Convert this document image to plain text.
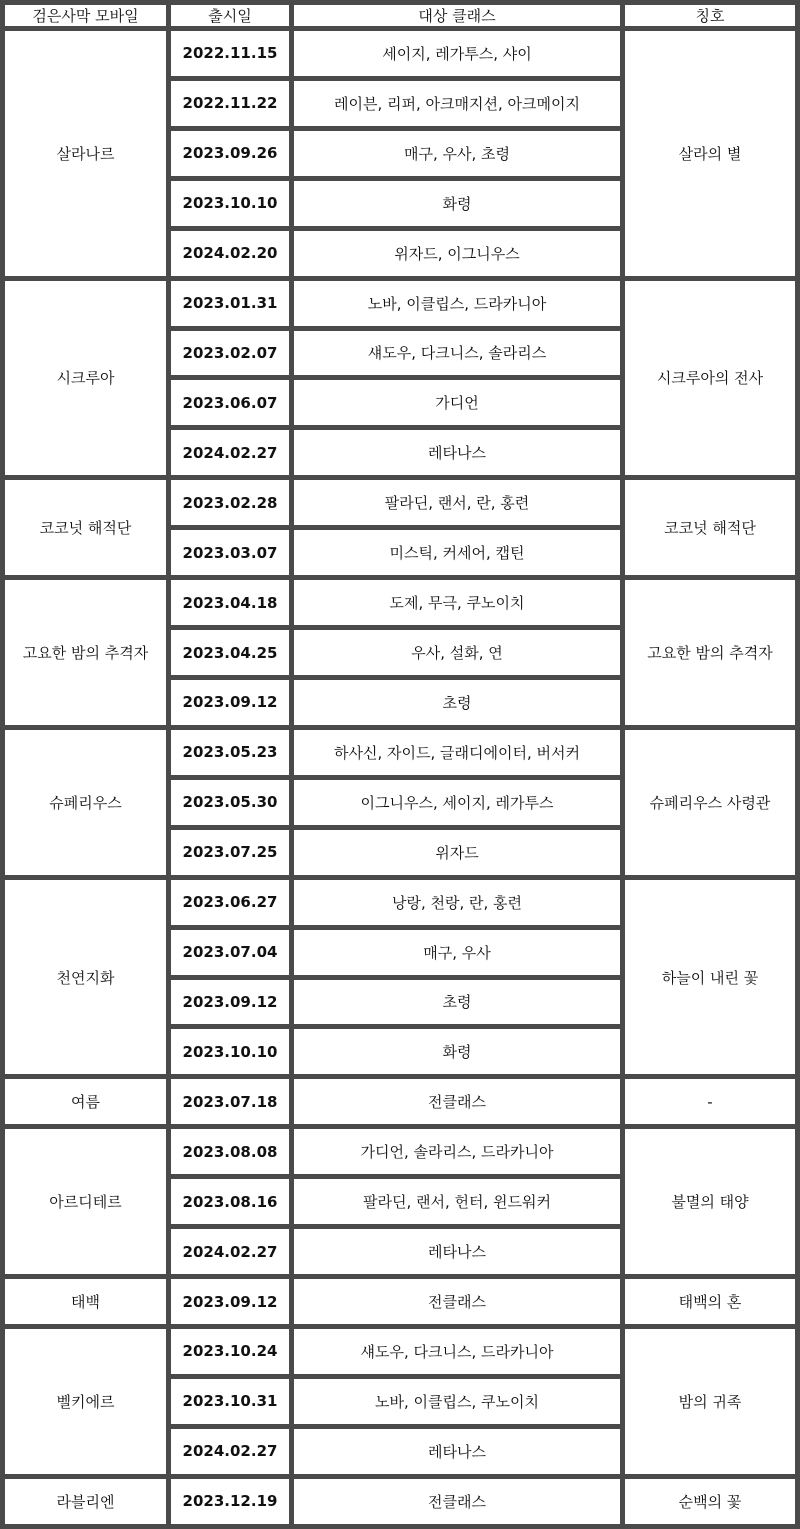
검은사막 모바일	출시일	대상 클래스	칭호
살라나르	2022.11.15	세이지, 레가투스, 샤이	살라의 별
	2022.11.22	레이븐, 리퍼, 아크매지션, 아크메이지	
	2023.09.26	매구, 우사, 초령	
	2023.10.10	화령	
	2024.02.20	위자드, 이그니우스	
시크루아	2023.01.31	노바, 이클립스, 드라카니아	시크루아의 전사
	2023.02.07	섀도우, 다크니스, 솔라리스	
	2023.06.07	가디언	
	2024.02.27	레타나스	
코코넛 해적단	2023.02.28	팔라딘, 랜서, 란, 홍련	코코넛 해적단
	2023.03.07	미스틱, 커세어, 캡틴	
고요한 밤의 추격자	2023.04.18	도제, 무극, 쿠노이치	고요한 밤의 추격자
	2023.04.25	우사, 설화, 연	
	2023.09.12	초령	
슈페리우스	2023.05.23	하사신, 자이드, 글래디에이터, 버서커	슈페리우스 사령관
	2023.05.30	이그니우스, 세이지, 레가투스	
	2023.07.25	위자드	
천연지화	2023.06.27	낭랑, 천랑, 란, 홍련	하늘이 내린 꽃
	2023.07.04	매구, 우사	
	2023.09.12	초령	
	2023.10.10	화령	
여름	2023.07.18	전클래스	-
아르디테르	2023.08.08	가디언, 솔라리스, 드라카니아	불멸의 태양
	2023.08.16	팔라딘, 랜서, 헌터, 윈드워커	
	2024.02.27	레타나스	
태백	2023.09.12	전클래스	태백의 혼
벨키에르	2023.10.24	섀도우, 다크니스, 드라카니아	밤의 귀족
	2023.10.31	노바, 이클립스, 쿠노이치	
	2024.02.27	레타나스	
라블리엔	2023.12.19	전클래스	순백의 꽃
